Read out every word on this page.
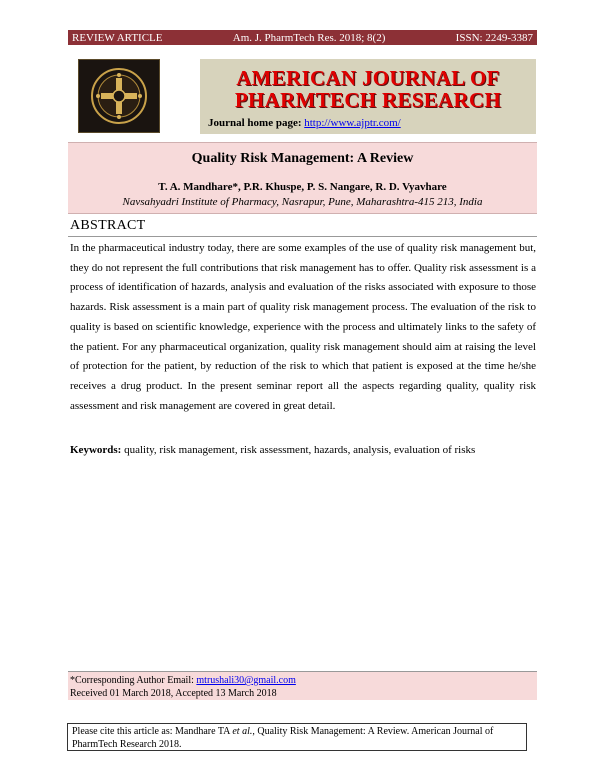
REVIEW ARTICLE	Am. J. PharmTech Res. 2018; 8(2)	ISSN: 2249-3387
AMERICAN JOURNAL OF
PHARMTECH RESEARCH
Journal home page: http://www.ajptr.com/
Quality Risk Management: A Review
T. A. Mandhare*, P.R. Khuspe, P. S. Nangare, R. D. Vyavhare
Navsahyadri Institute of Pharmacy, Nasrapur, Pune, Maharashtra-415 213, India
ABSTRACT
In the pharmaceutical industry today, there are some examples of the use of quality risk management but, they do not represent the full contributions that risk management has to offer. Quality risk assessment is a process of identification of hazards, analysis and evaluation of the risks associated with exposure to those hazards. Risk assessment is a main part of quality risk management process. The evaluation of the risk to quality is based on scientific knowledge, experience with the process and ultimately links to the safety of the patient. For any pharmaceutical organization, quality risk management should aim at raising the level of protection for the patient, by reduction of the risk to which that patient is exposed at the time he/she receives a drug product. In the present seminar report all the aspects regarding quality, quality risk assessment and risk management are covered in great detail.
Keywords: quality, risk management, risk assessment, hazards, analysis, evaluation of risks
*Corresponding Author Email: mtrushali30@gmail.com
Received 01 March 2018, Accepted 13 March 2018
Please cite this article as: Mandhare TA et al., Quality Risk Management: A Review. American Journal of PharmTech Research 2018.
